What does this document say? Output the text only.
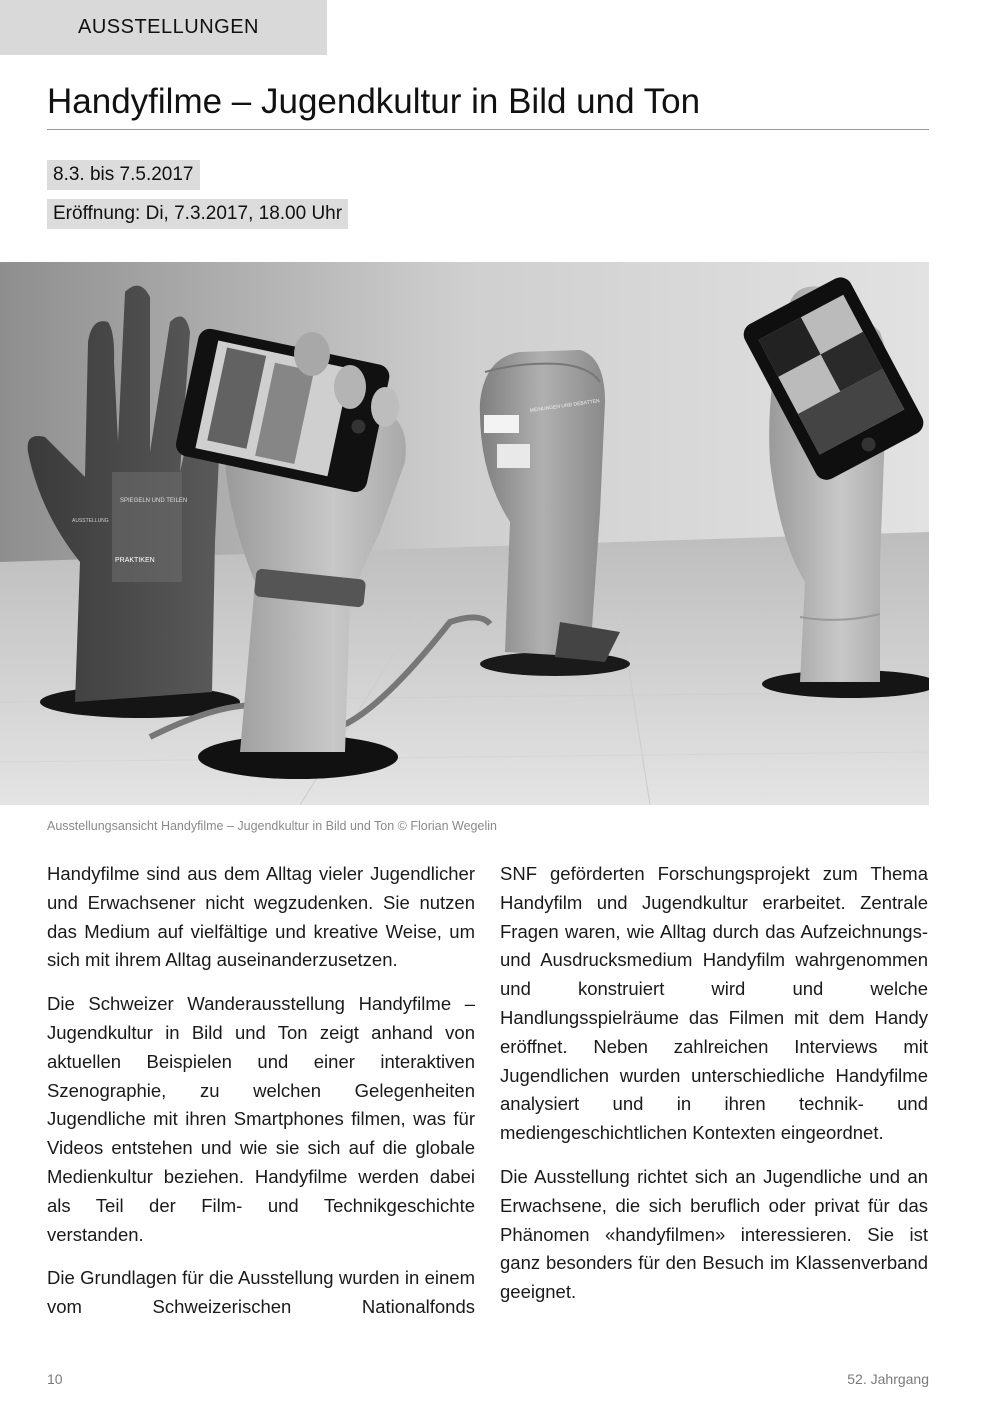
AUSSTELLUNGEN
Handyfilme – Jugendkultur in Bild und Ton
8.3. bis 7.5.2017
Eröffnung: Di, 7.3.2017, 18.00 Uhr
SPIEGELN UND TEILEN
PRAKTIKEN
AUSSTELLUNG
MEINUNGEN UND DEBATTEN
Ausstellungsansicht Handyfilme – Jugendkultur in Bild und Ton © Florian Wegelin

Handyfilme sind aus dem Alltag vieler Jugendlicher und Erwachsener nicht wegzudenken. Sie nutzen das Medium auf vielfältige und kreative Weise, um sich mit ihrem Alltag auseinanderzusetzen.

Die Schweizer Wanderausstellung Handyfilme – Jugendkultur in Bild und Ton zeigt anhand von aktuellen Beispielen und einer interaktiven Szenographie, zu welchen Gelegenheiten Jugendliche mit ihren Smartphones filmen, was für Videos entstehen und wie sie sich auf die globale Medienkultur beziehen. Handyfilme werden dabei als Teil der Film- und Technikgeschichte verstanden.

Die Grundlagen für die Ausstellung wurden in einem vom Schweizerischen Nationalfonds

SNF geförderten Forschungsprojekt zum Thema Handyfilm und Jugendkultur erarbeitet. Zentrale Fragen waren, wie Alltag durch das Aufzeichnungs- und Ausdrucksmedium Handyfilm wahrgenommen und konstruiert wird und welche Handlungsspielräume das Filmen mit dem Handy eröffnet. Neben zahlreichen Interviews mit Jugendlichen wurden unterschiedliche Handyfilme analysiert und in ihren technik- und mediengeschichtlichen Kontexten eingeordnet.

Die Ausstellung richtet sich an Jugendliche und an Erwachsene, die sich beruflich oder privat für das Phänomen «handyfilmen» interessieren. Sie ist ganz besonders für den Besuch im Klassenverband geeignet.

10	52. Jahrgang
